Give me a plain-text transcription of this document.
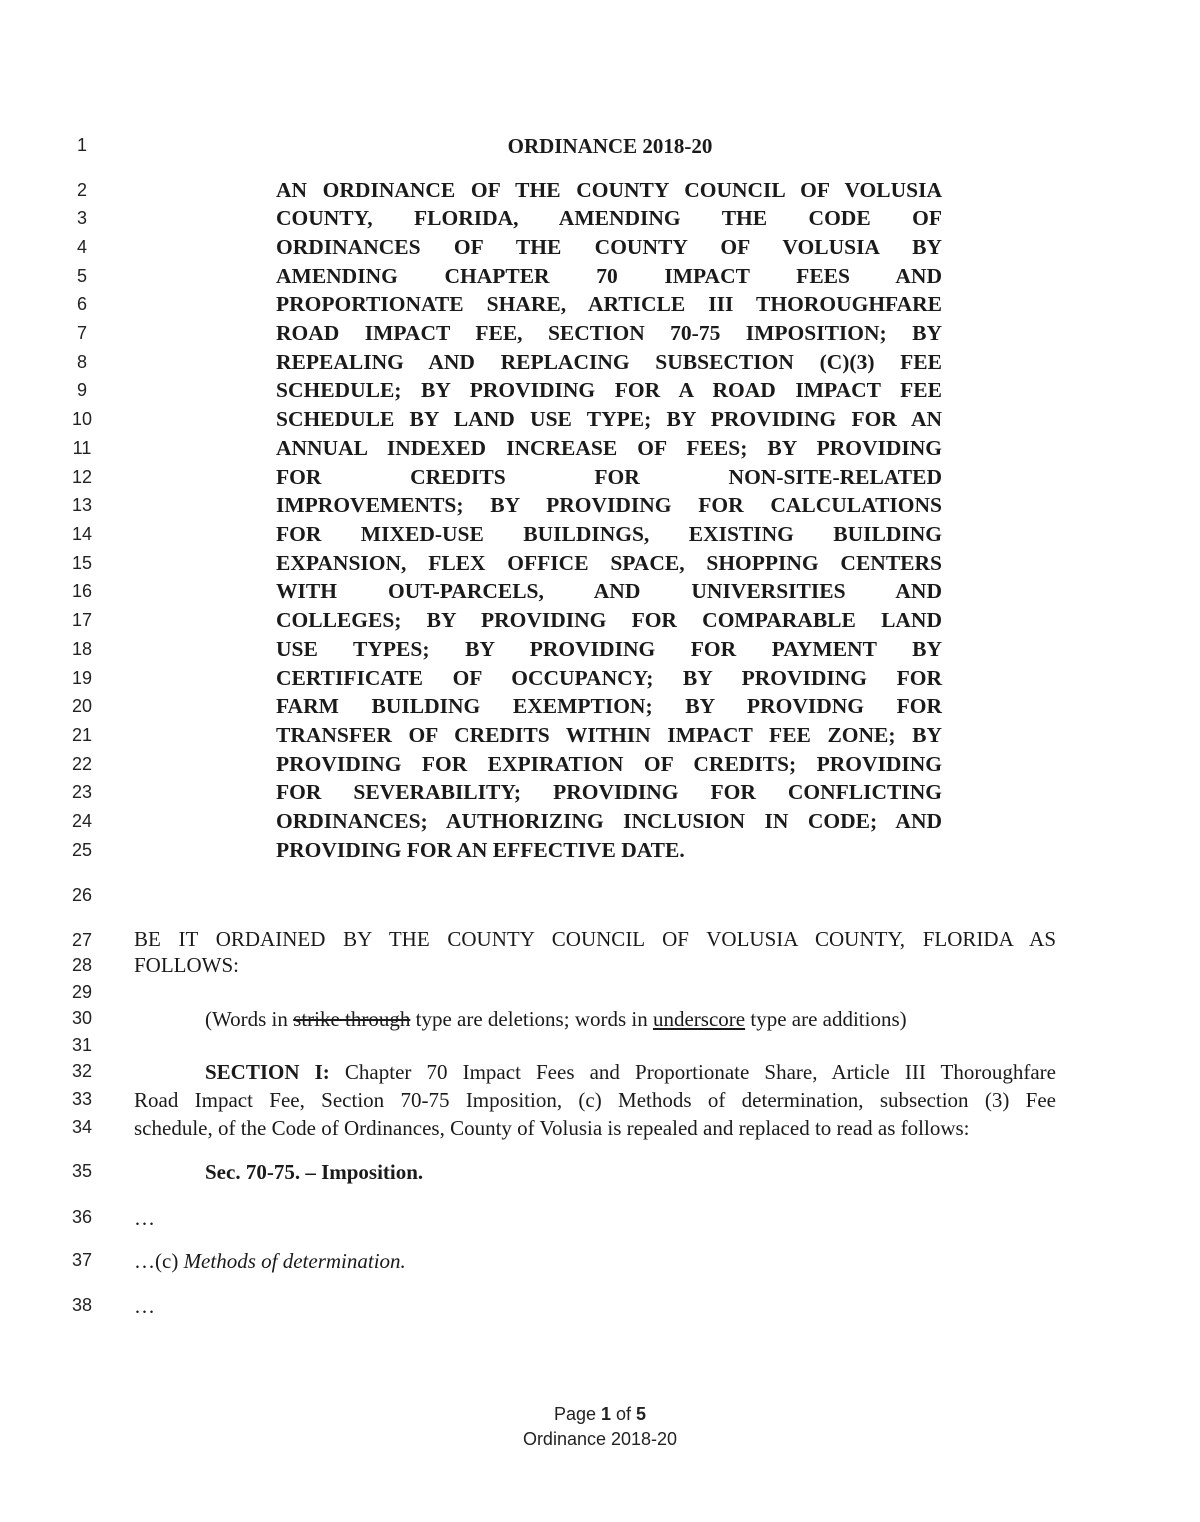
1
2
3
4
5
6
7
8
9
10
11
12
13
14
15
16
17
18
19
20
21
22
23
24
25
26
27
28
29
30
31
32
33
34
35
36
37
38
ORDINANCE 2018-20
AN ORDINANCE OF THE COUNTY COUNCIL OF VOLUSIA
COUNTY, FLORIDA, AMENDING THE CODE OF
ORDINANCES OF THE COUNTY OF VOLUSIA BY
AMENDING CHAPTER 70 IMPACT FEES AND
PROPORTIONATE SHARE, ARTICLE III THOROUGHFARE
ROAD IMPACT FEE, SECTION 70-75 IMPOSITION; BY
REPEALING AND REPLACING SUBSECTION (C)(3) FEE
SCHEDULE; BY PROVIDING FOR A ROAD IMPACT FEE
SCHEDULE BY LAND USE TYPE; BY PROVIDING FOR AN
ANNUAL INDEXED INCREASE OF FEES; BY PROVIDING
FOR CREDITS FOR NON-SITE-RELATED
IMPROVEMENTS; BY PROVIDING FOR CALCULATIONS
FOR MIXED-USE BUILDINGS, EXISTING BUILDING
EXPANSION, FLEX OFFICE SPACE, SHOPPING CENTERS
WITH OUT-PARCELS, AND UNIVERSITIES AND
COLLEGES; BY PROVIDING FOR COMPARABLE LAND
USE TYPES; BY PROVIDING FOR PAYMENT BY
CERTIFICATE OF OCCUPANCY; BY PROVIDING FOR
FARM BUILDING EXEMPTION; BY PROVIDNG FOR
TRANSFER OF CREDITS WITHIN IMPACT FEE ZONE; BY
PROVIDING FOR EXPIRATION OF CREDITS; PROVIDING
FOR SEVERABILITY; PROVIDING FOR CONFLICTING
ORDINANCES; AUTHORIZING INCLUSION IN CODE; AND
PROVIDING FOR AN EFFECTIVE DATE.
BE IT ORDAINED BY THE COUNTY COUNCIL OF VOLUSIA COUNTY, FLORIDA AS
FOLLOWS:
(Words in strike through type are deletions; words in underscore type are additions)
SECTION I: Chapter 70 Impact Fees and Proportionate Share, Article III Thoroughfare
Road Impact Fee, Section 70-75 Imposition, (c) Methods of determination, subsection (3) Fee
schedule, of the Code of Ordinances, County of Volusia is repealed and replaced to read as follows:
Sec. 70-75. – Imposition.
…
…(c) Methods of determination.
…
Page 1 of 5
Ordinance 2018-20
